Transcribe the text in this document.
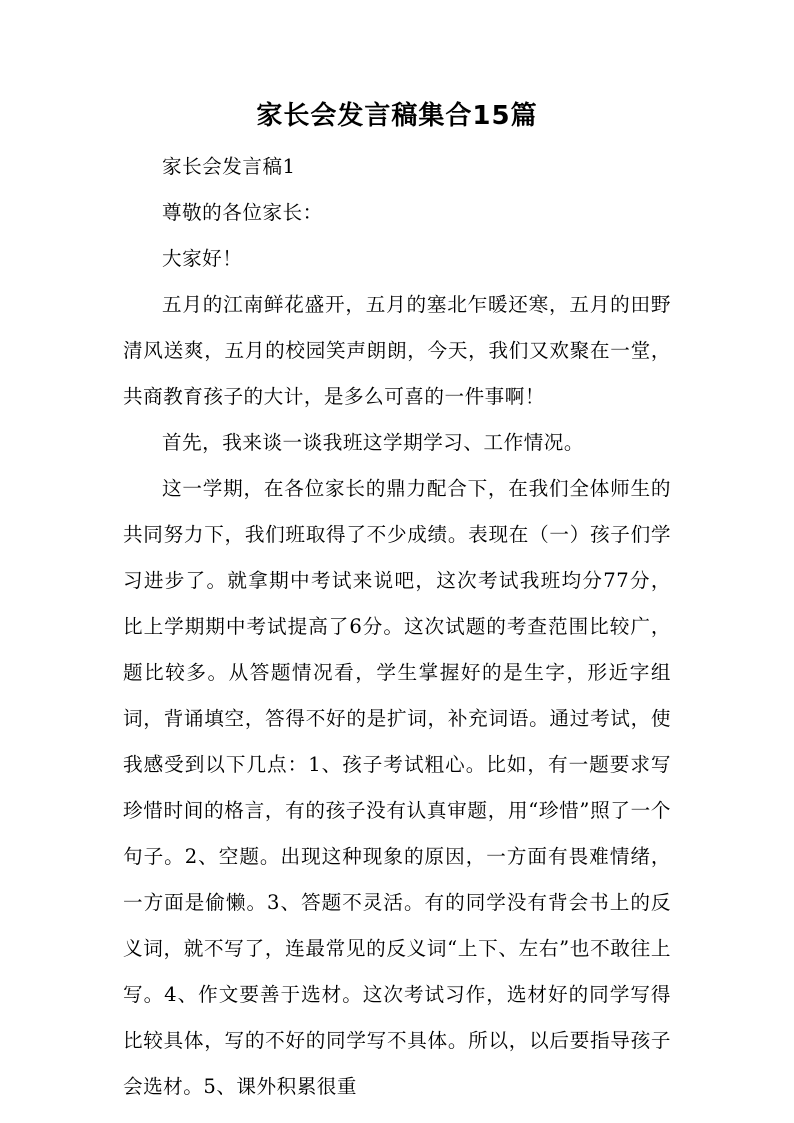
家长会发言稿集合15篇

家长会发言稿1

尊敬的各位家长：

大家好！

五月的江南鲜花盛开，五月的塞北乍暖还寒，五月的田野清风送爽，五月的校园笑声朗朗，今天，我们又欢聚在一堂，共商教育孩子的大计，是多么可喜的一件事啊！

首先，我来谈一谈我班这学期学习、工作情况。

这一学期，在各位家长的鼎力配合下，在我们全体师生的共同努力下，我们班取得了不少成绩。表现在（一）孩子们学习进步了。就拿期中考试来说吧，这次考试我班均分77分，比上学期期中考试提高了6分。这次试题的考查范围比较广，题比较多。从答题情况看，学生掌握好的是生字，形近字组词，背诵填空，答得不好的是扩词，补充词语。通过考试，使我感受到以下几点：1、孩子考试粗心。比如，有一题要求写珍惜时间的格言，有的孩子没有认真审题，用“珍惜”照了一个句子。2、空题。出现这种现象的原因，一方面有畏难情绪，一方面是偷懒。3、答题不灵活。有的同学没有背会书上的反义词，就不写了，连最常见的反义词“上下、左右”也不敢往上写。4、作文要善于选材。这次考试习作，选材好的同学写得比较具体，写的不好的同学写不具体。所以，以后要指导孩子会选材。5、课外积累很重
